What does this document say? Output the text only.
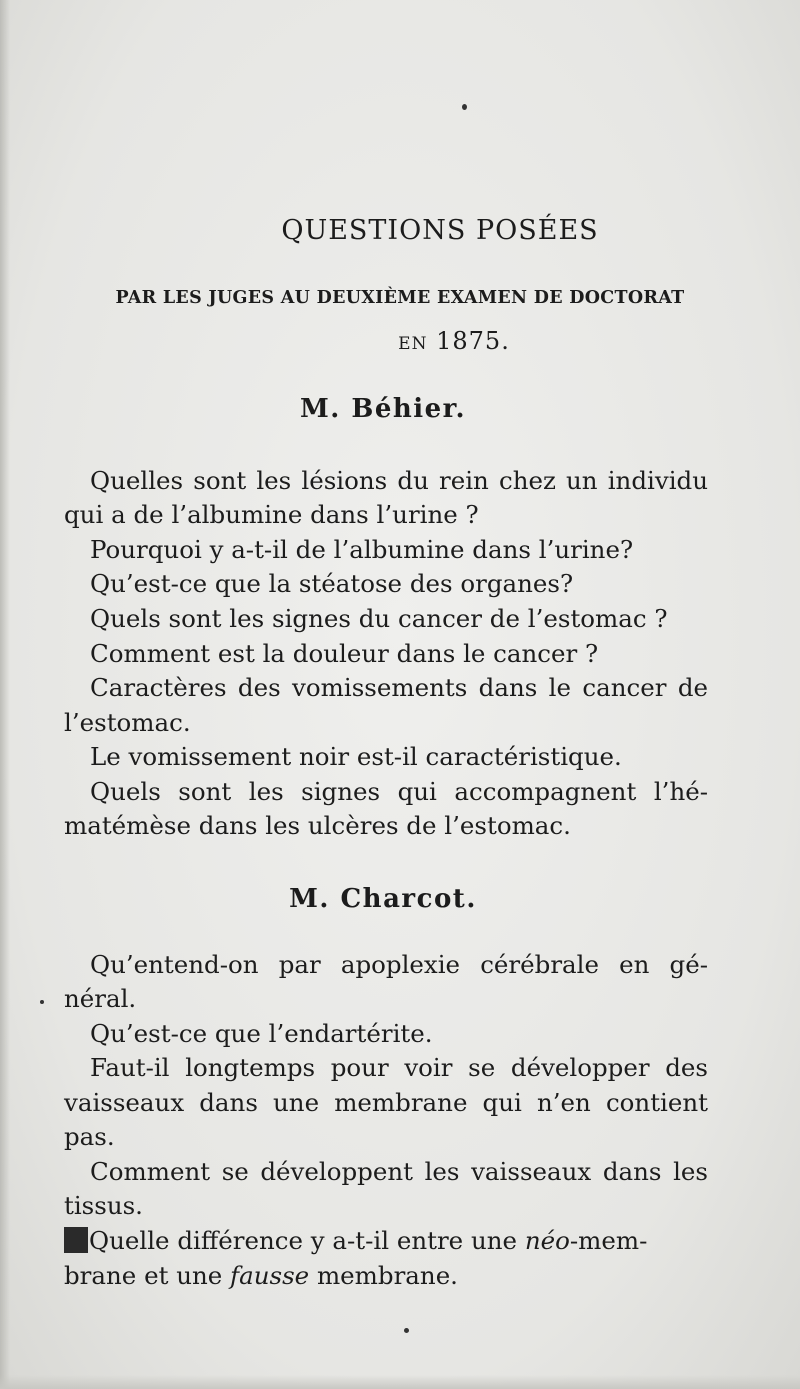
QUESTIONS POSÉES
PAR LES JUGES AU DEUXIÈME EXAMEN DE DOCTORAT
EN 1875.
M. Béhier.
Quelles sont les lésions du rein chez un individu
qui a de l’albumine dans l’urine ?
Pourquoi y a-t-il de l’albumine dans l’urine?
Qu’est-ce que la stéatose des organes?
Quels sont les signes du cancer de l’estomac ?
Comment est la douleur dans le cancer ?
Caractères des vomissements dans le cancer de
l’estomac.
Le vomissement noir est-il caractéristique.
Quels sont les signes qui accompagnent l’hé-
matémèse dans les ulcères de l’estomac.
M. Charcot.
Qu’entend-on par apoplexie cérébrale en gé-
néral.
Qu’est-ce que l’endartérite.
Faut-il longtemps pour voir se développer des
vaisseaux dans une membrane qui n’en contient
pas.
Comment se développent les vaisseaux dans les
tissus.
Quelle différence y a-t-il entre une néo-mem-
brane et une fausse membrane.
